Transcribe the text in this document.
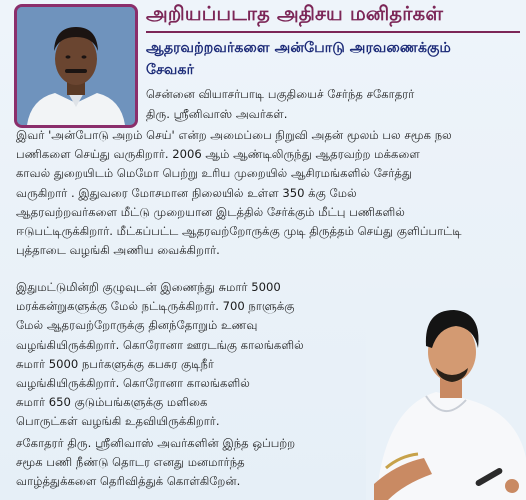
அறியப்படாத அதிசய மனிதர்கள்
ஆதரவற்றவர்களை அன்போடு அரவணைக்கும்
சேவகர்
சென்னை வியாசர்பாடி பகுதியைச் சேர்ந்த சகோதரர்
திரு. ஸ்ரீனிவாஸ் அவர்கள்.
இவர் 'அன்போடு அறம் செய்' என்ற அமைப்பை நிறுவி அதன் மூலம் பல சமூக நல
பணிகளை செய்து வருகிறார். 2006 ஆம் ஆண்டிலிருந்து ஆதரவற்ற மக்களை
காவல் துறையிடம் மெமோ பெற்று உரிய முறையில் ஆசிரமங்களில் சேர்த்து
வருகிறார் . இதுவரை மோசமான நிலையில் உள்ள 350 க்கு மேல்
ஆதரவற்றவர்களை மீட்டு முறையான இடத்தில் சேர்க்கும் மீட்பு பணிகளில்
ஈடுபட்டிருக்கிறார். மீட்கப்பட்ட ஆதரவற்றோருக்கு முடி திருத்தம் செய்து குளிப்பாட்டி
புத்தாடை வழங்கி அணிய வைக்கிறார்.
இதுமட்டுமின்றி குழுவுடன் இணைந்து சுமார் 5000
மரக்கன்றுகளுக்கு மேல் நட்டிருக்கிறார். 700 நாளுக்கு
மேல் ஆதரவற்றோருக்கு தினந்தோறும் உணவு
வழங்கியிருக்கிறார். கொரோனா ஊரடங்கு காலங்களில்
சுமார் 5000 நபர்களுக்கு கபசுர குடிநீர்
வழங்கியிருக்கிறார். கொரோனா காலங்களில்
சுமார் 650 குடும்பங்களுக்கு மளிகை
பொருட்கள் வழங்கி உதவியிருக்கிறார்.
சகோதரர் திரு. ஸ்ரீனிவாஸ் அவர்களின் இந்த ஒப்பற்ற
சமூக பணி நீண்டு தொடர எனது மனமார்ந்த
வாழ்த்துக்களை தெரிவித்துக் கொள்கிறேன்.
